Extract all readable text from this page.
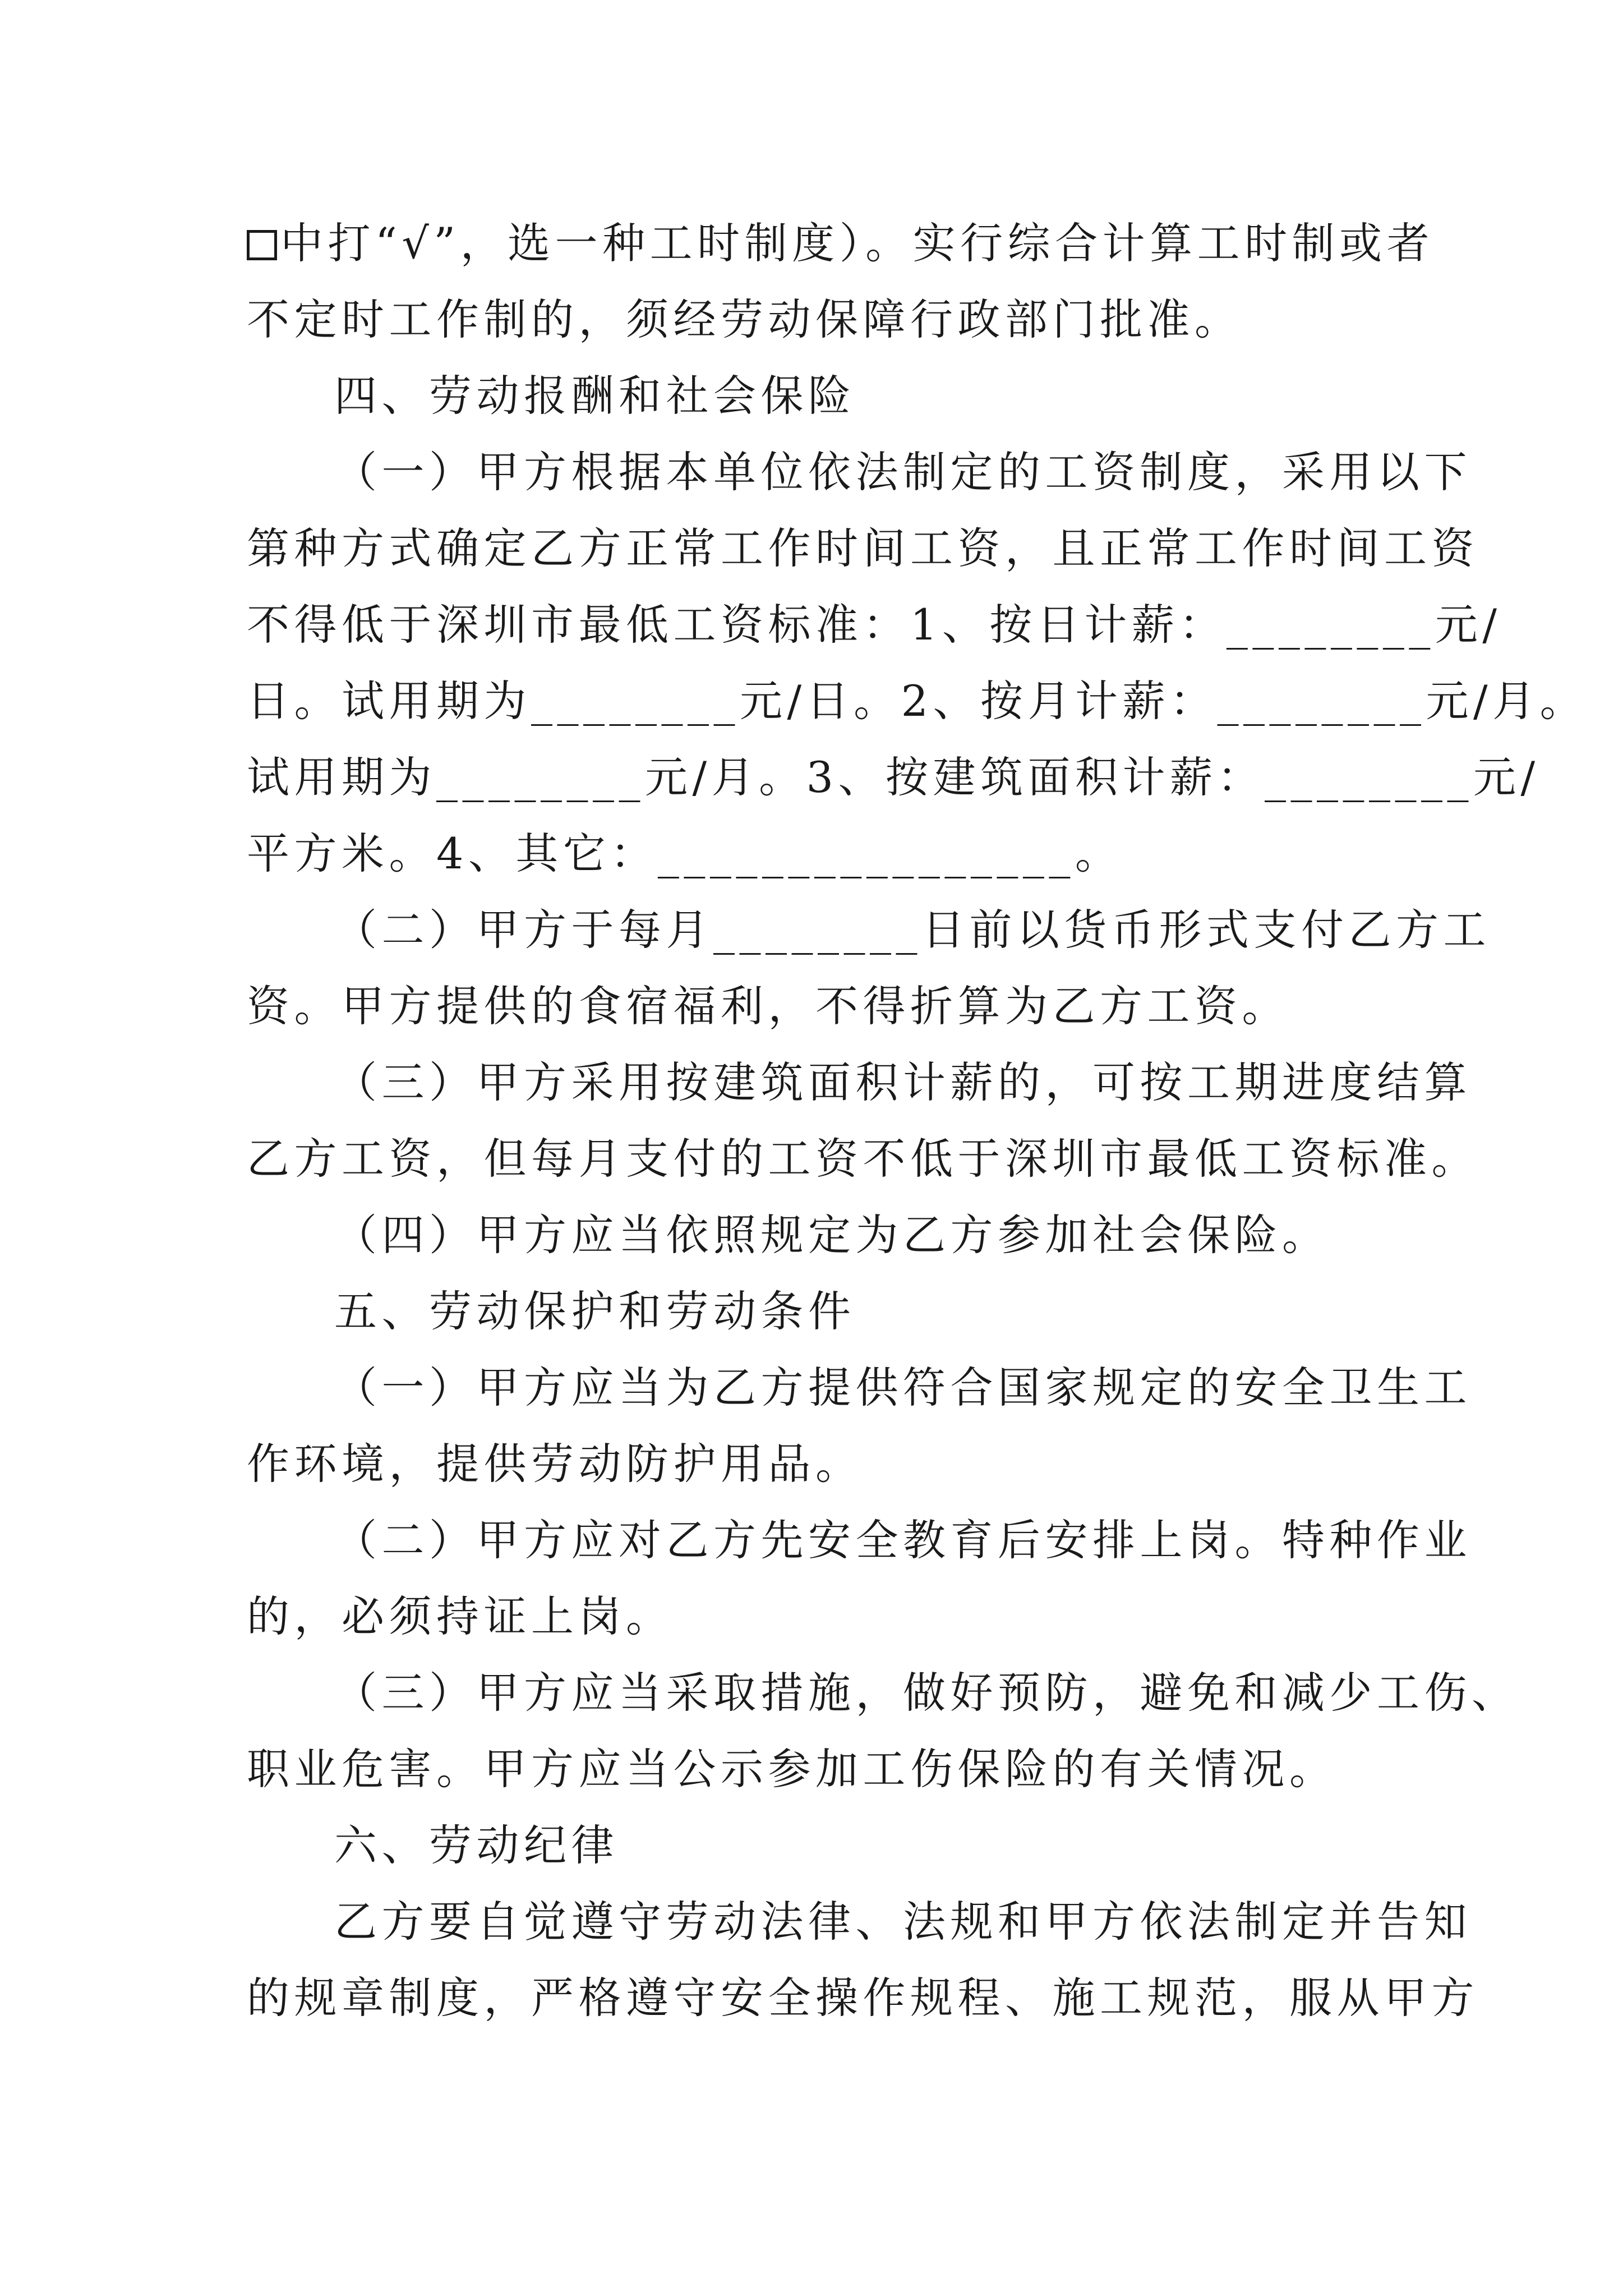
中打“√”，选一种工时制度）。实行综合计算工时制或者
不定时工作制的，须经劳动保障行政部门批准。
四、劳动报酬和社会保险
（一）甲方根据本单位依法制定的工资制度，采用以下
第种方式确定乙方正常工作时间工资，且正常工作时间工资
不得低于深圳市最低工资标准：1、按日计薪：________元/
日。试用期为________元/日。2、按月计薪：________元/月。
试用期为________元/月。3、按建筑面积计薪：________元/
平方米。4、其它：________________。
（二）甲方于每月________日前以货币形式支付乙方工
资。甲方提供的食宿福利，不得折算为乙方工资。
（三）甲方采用按建筑面积计薪的，可按工期进度结算
乙方工资，但每月支付的工资不低于深圳市最低工资标准。
（四）甲方应当依照规定为乙方参加社会保险。
五、劳动保护和劳动条件
（一）甲方应当为乙方提供符合国家规定的安全卫生工
作环境，提供劳动防护用品。
（二）甲方应对乙方先安全教育后安排上岗。特种作业
的，必须持证上岗。
（三）甲方应当采取措施，做好预防，避免和减少工伤、
职业危害。甲方应当公示参加工伤保险的有关情况。
六、劳动纪律
乙方要自觉遵守劳动法律、法规和甲方依法制定并告知
的规章制度，严格遵守安全操作规程、施工规范，服从甲方
